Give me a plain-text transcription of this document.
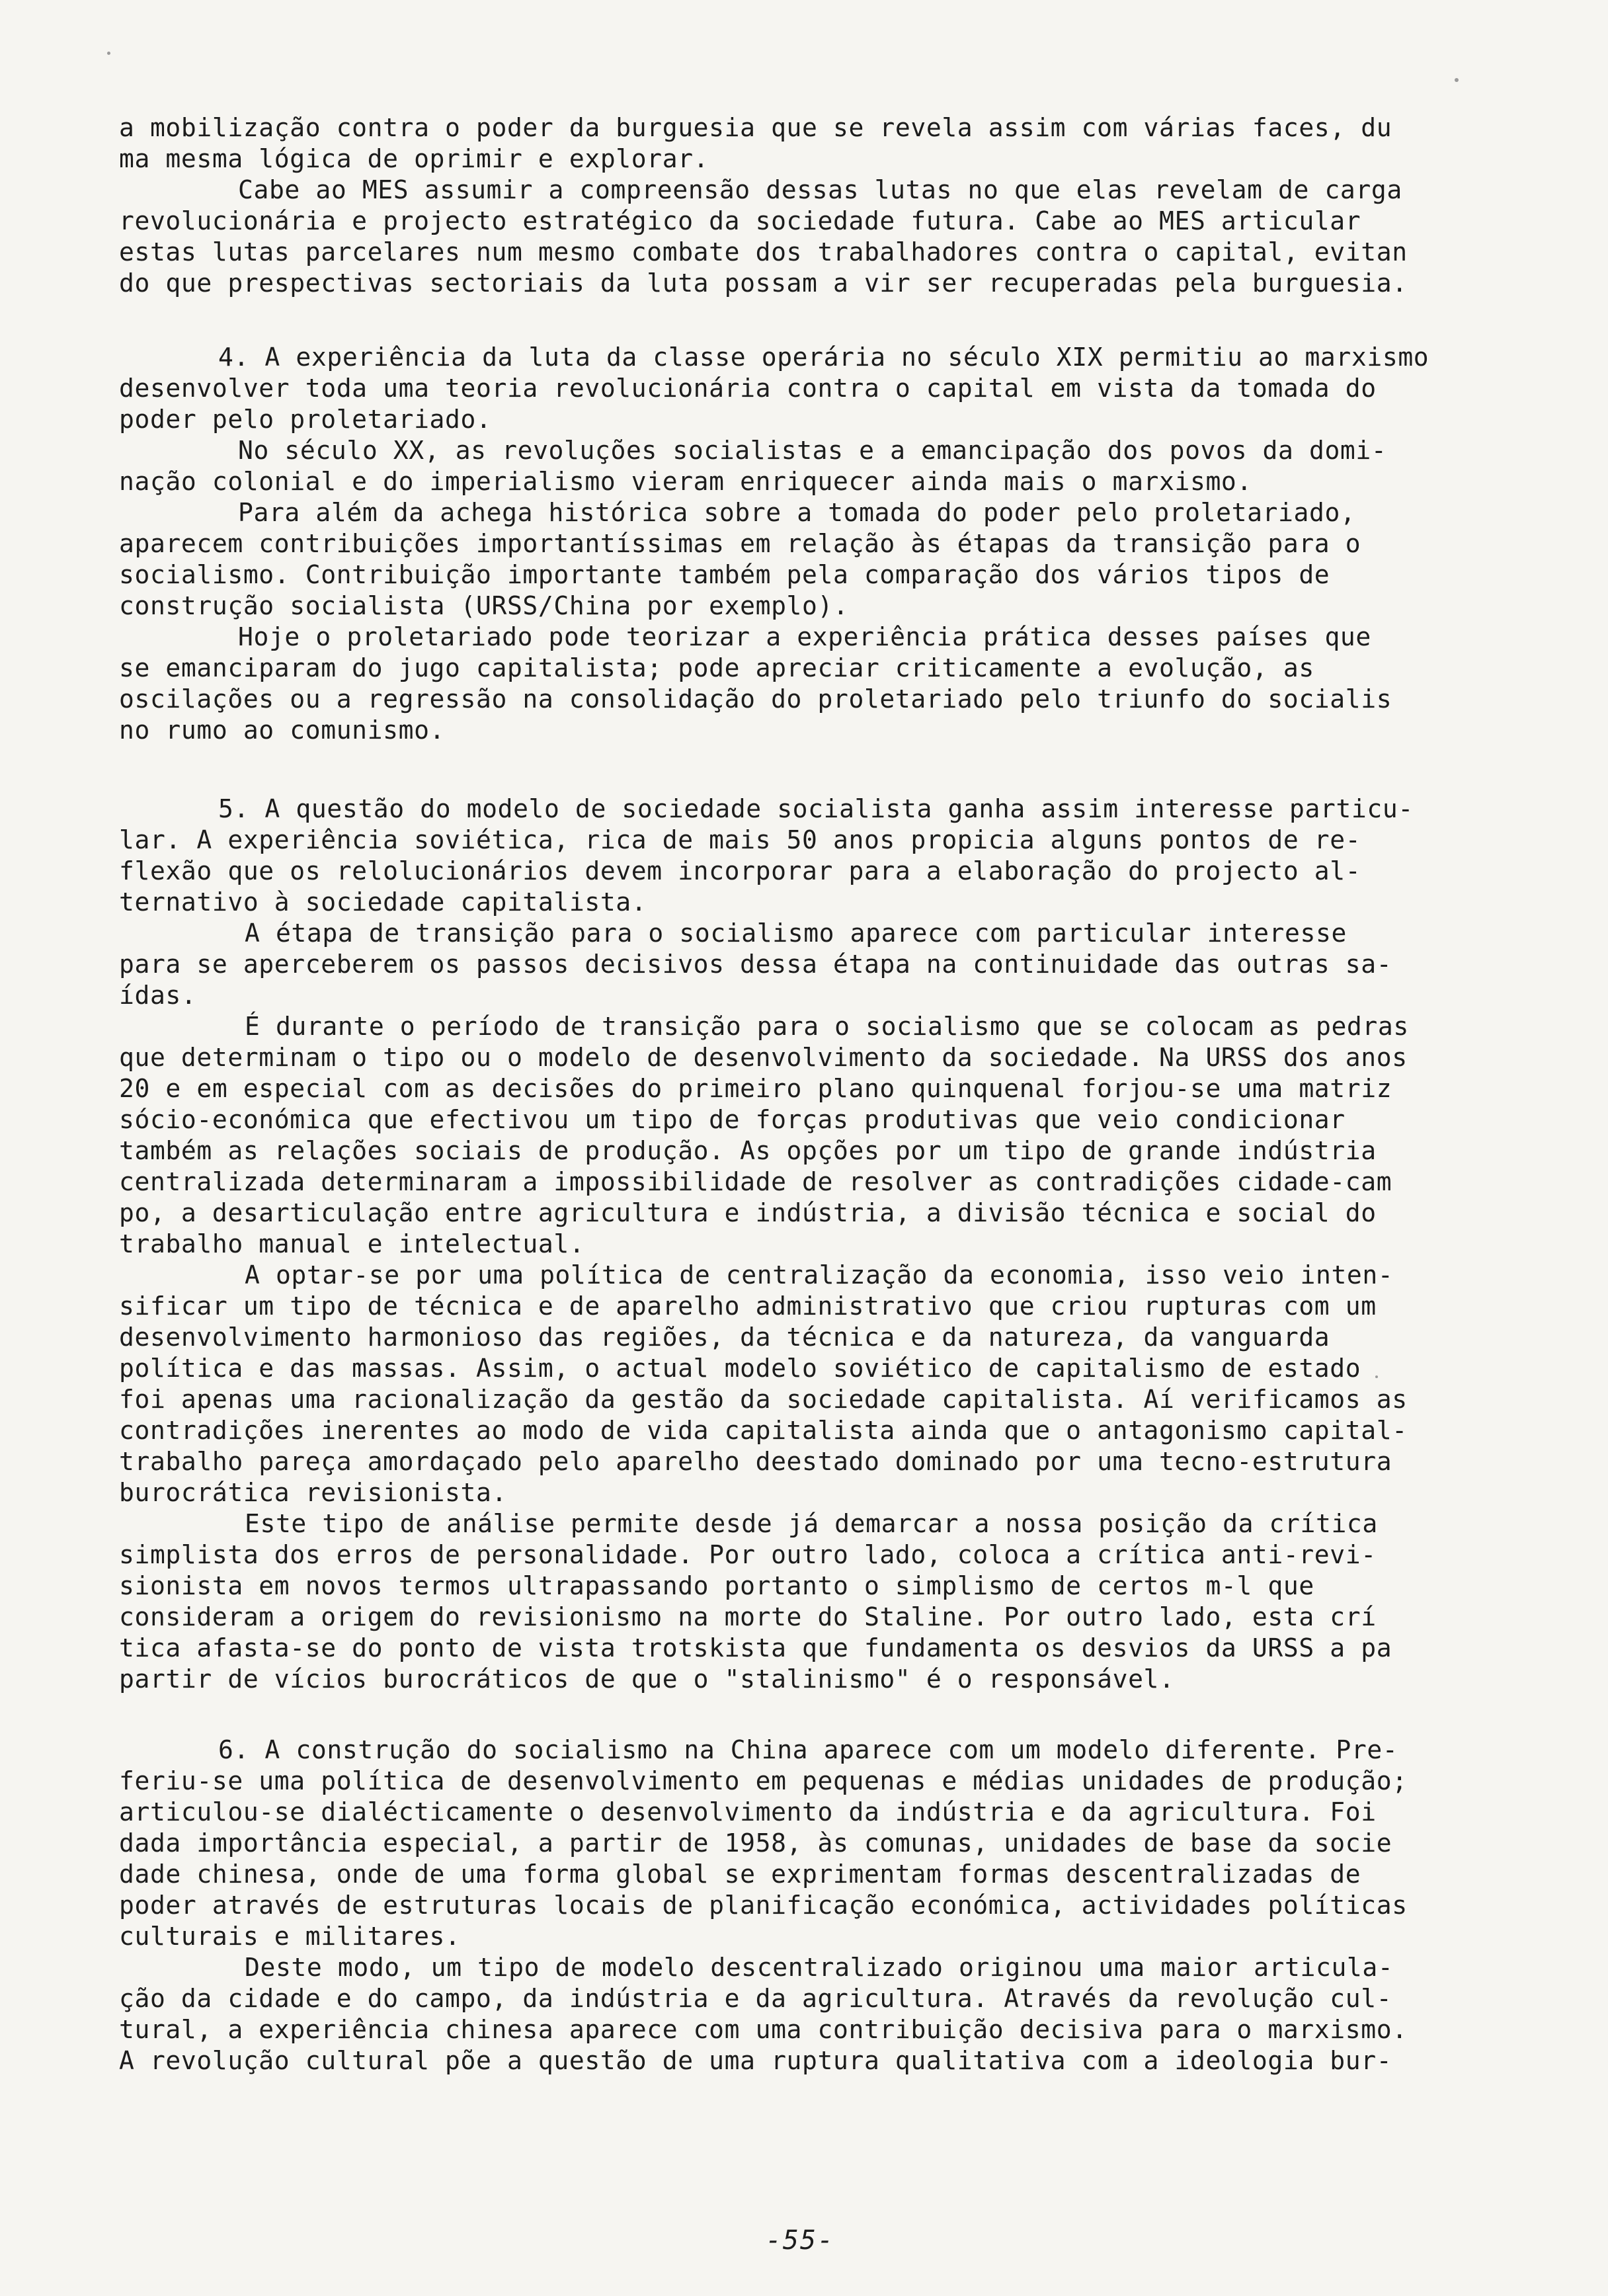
a mobilização contra o poder da burguesia que se revela assim com várias faces, du
ma mesma lógica de oprimir e explorar.
Cabe ao MES assumir a compreensão dessas lutas no que elas revelam de carga
revolucionária e projecto estratégico da sociedade futura. Cabe ao MES articular
estas lutas parcelares num mesmo combate dos trabalhadores contra o capital, evitan
do que prespectivas sectoriais da luta possam a vir ser recuperadas pela burguesia.
4. A experiência da luta da classe operária no século XIX permitiu ao marxismo
desenvolver toda uma teoria revolucionária contra o capital em vista da tomada do
poder pelo proletariado.
No século XX, as revoluções socialistas e a emancipação dos povos da domi-
nação colonial e do imperialismo vieram enriquecer ainda mais o marxismo.
Para além da achega histórica sobre a tomada do poder pelo proletariado,
aparecem contribuições importantíssimas em relação às étapas da transição para o
socialismo. Contribuição importante também pela comparação dos vários tipos de
construção socialista (URSS/China por exemplo).
Hoje o proletariado pode teorizar a experiência prática desses países que
se emanciparam do jugo capitalista; pode apreciar criticamente a evolução, as
oscilações ou a regressão na consolidação do proletariado pelo triunfo do socialis
no rumo ao comunismo.
5. A questão do modelo de sociedade socialista ganha assim interesse particu-
lar. A experiência soviética, rica de mais 50 anos propicia alguns pontos de re-
flexão que os relolucionários devem incorporar para a elaboração do projecto al-
ternativo à sociedade capitalista.
A étapa de transição para o socialismo aparece com particular interesse
para se aperceberem os passos decisivos dessa étapa na continuidade das outras sa-
ídas.
É durante o período de transição para o socialismo que se colocam as pedras
que determinam o tipo ou o modelo de desenvolvimento da sociedade. Na URSS dos anos
20 e em especial com as decisões do primeiro plano quinquenal forjou-se uma matriz
sócio-económica que efectivou um tipo de forças produtivas que veio condicionar
também as relações sociais de produção. As opções por um tipo de grande indústria
centralizada determinaram a impossibilidade de resolver as contradições cidade-cam
po, a desarticulação entre agricultura e indústria, a divisão técnica e social do
trabalho manual e intelectual.
A optar-se por uma política de centralização da economia, isso veio inten-
sificar um tipo de técnica e de aparelho administrativo que criou rupturas com um
desenvolvimento harmonioso das regiões, da técnica e da natureza, da vanguarda
política e das massas. Assim, o actual modelo soviético de capitalismo de estado
foi apenas uma racionalização da gestão da sociedade capitalista. Aí verificamos as
contradições inerentes ao modo de vida capitalista ainda que o antagonismo capital-
trabalho pareça amordaçado pelo aparelho deestado dominado por uma tecno-estrutura
burocrática revisionista.
Este tipo de análise permite desde já demarcar a nossa posição da crítica
simplista dos erros de personalidade. Por outro lado, coloca a crítica anti-revi-
sionista em novos termos ultrapassando portanto o simplismo de certos m-l que
consideram a origem do revisionismo na morte do Staline. Por outro lado, esta crí
tica afasta-se do ponto de vista trotskista que fundamenta os desvios da URSS a pa
partir de vícios burocráticos de que o "stalinismo" é o responsável.
6. A construção do socialismo na China aparece com um modelo diferente. Pre-
feriu-se uma política de desenvolvimento em pequenas e médias unidades de produção;
articulou-se dialécticamente o desenvolvimento da indústria e da agricultura. Foi
dada importância especial, a partir de 1958, às comunas, unidades de base da socie
dade chinesa, onde de uma forma global se exprimentam formas descentralizadas de
poder através de estruturas locais de planificação económica, actividades políticas
culturais e militares.
Deste modo, um tipo de modelo descentralizado originou uma maior articula-
ção da cidade e do campo, da indústria e da agricultura. Através da revolução cul-
tural, a experiência chinesa aparece com uma contribuição decisiva para o marxismo.
A revolução cultural põe a questão de uma ruptura qualitativa com a ideologia bur-
-55-
